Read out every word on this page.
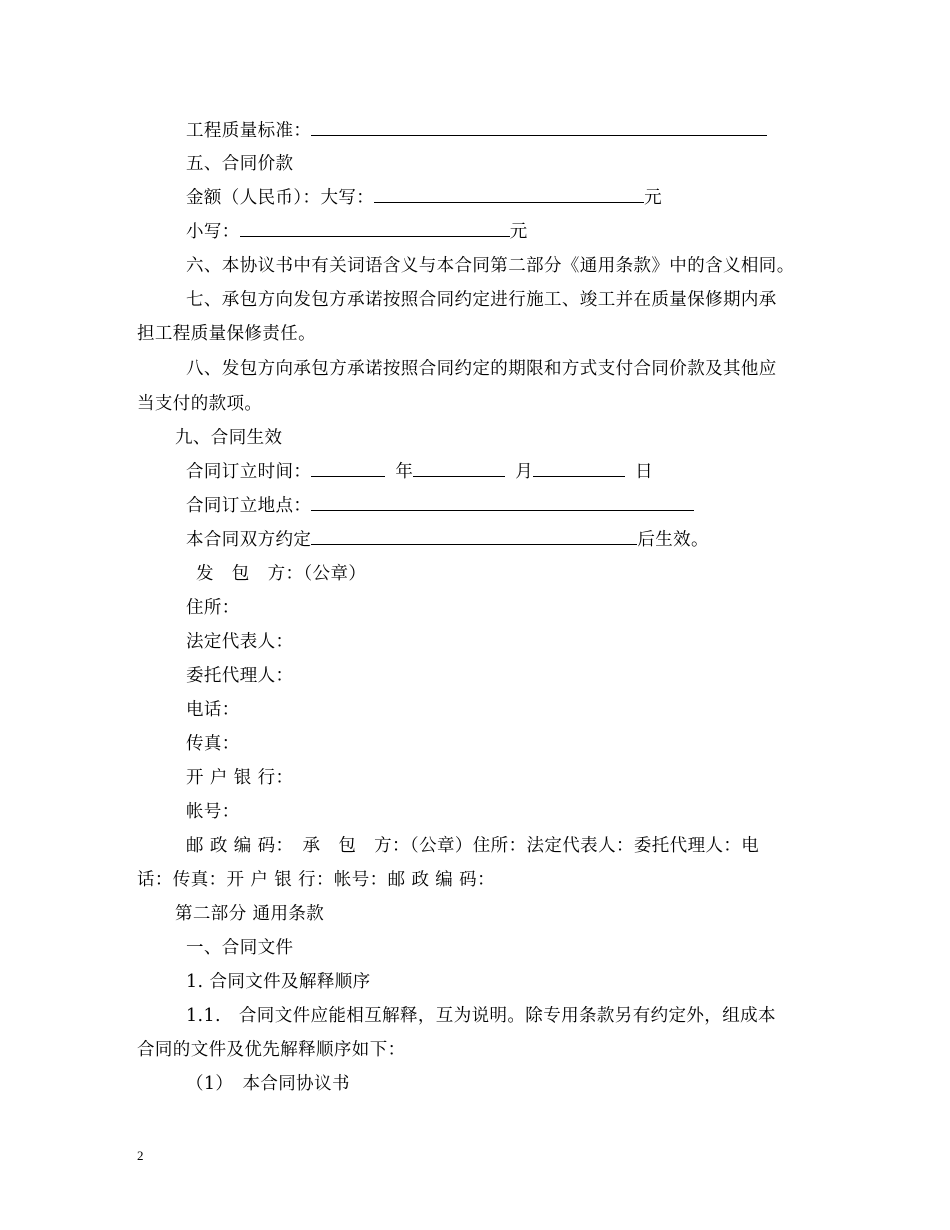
工程质量标准：
五、合同价款
金额（人民币）：大写：	元
小写：	元
六、本协议书中有关词语含义与本合同第二部分《通用条款》中的含义相同。
七、承包方向发包方承诺按照合同约定进行施工、竣工并在质量保修期内承
担工程质量保修责任。
八、发包方向承包方承诺按照合同约定的期限和方式支付合同价款及其他应
当支付的款项。
九、合同生效
合同订立时间：	年	月	日
合同订立地点：
本合同双方约定	后生效。
发　包　方：（公章）
住所：
法定代表人：
委托代理人：
电话：
传真：
开 户 银 行：
帐号：
邮 政 编 码：　承　包　方：（公章）住所：法定代表人：委托代理人：电
话：传真：开 户 银 行：帐号：邮 政 编 码：
第二部分 通用条款
一、合同文件
1. 合同文件及解释顺序
1.1.　合同文件应能相互解释，互为说明。除专用条款另有约定外，组成本
合同的文件及优先解释顺序如下：
（1）　本合同协议书
2
